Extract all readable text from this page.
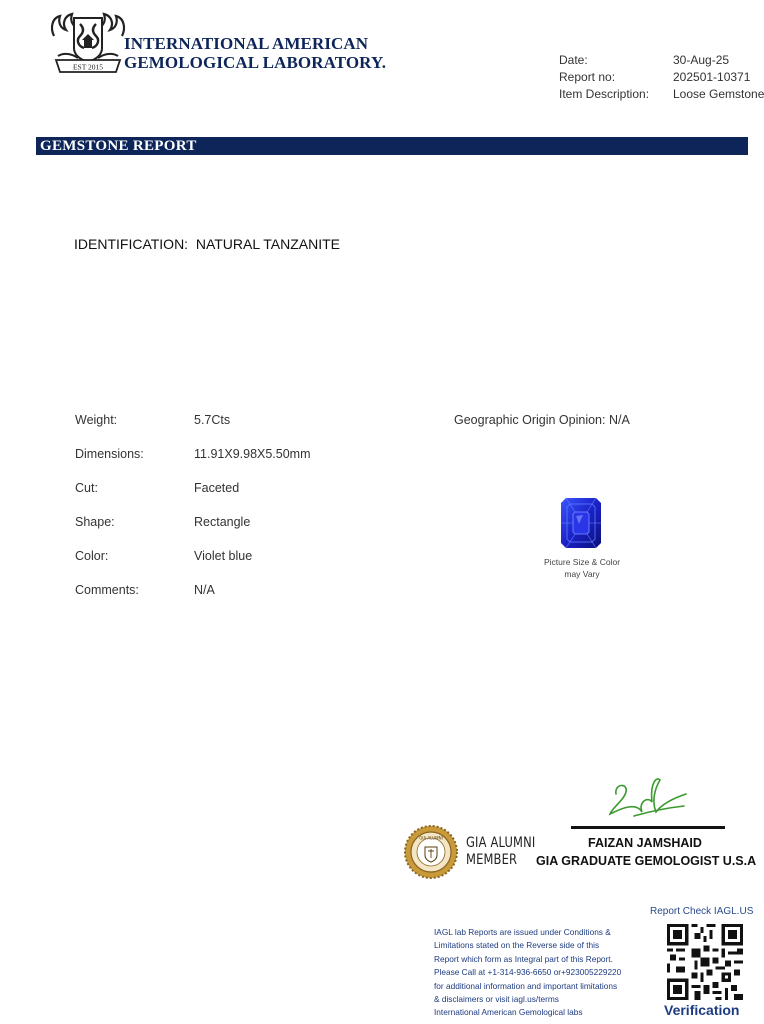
EST 2015
INTERNATIONAL AMERICAN
GEMOLOGICAL LABORATORY.	Date:	30-Aug-25
Report no:	202501-10371
Item Description:	Loose Gemstone
GEMSTONE REPORT
IDENTIFICATION:  NATURAL TANZANITE
Weight:	5.7Cts
Dimensions:	11.91X9.98X5.50mm
Cut:	Faceted
Shape:	Rectangle
Color:	Violet blue
Comments:	N/A
Geographic Origin Opinion: N/A
Picture Size & Color
may Vary
FAIZAN JAMSHAID
GIA GRADUATE GEMOLOGIST U.S.A
GIA ALUMNI GIA ALUMNI
MEMBER
Report Check IAGL.US
IAGL lab Reports are issued under Conditions &
Limitations stated on the Reverse side of this
Report which form as Integral part of this Report.
Please Call at +1-314-936-6650 or+923005229220
for additional information and important limitations
& disclaimers or visit iagl.us/terms
International American Gemological labs	Verification
